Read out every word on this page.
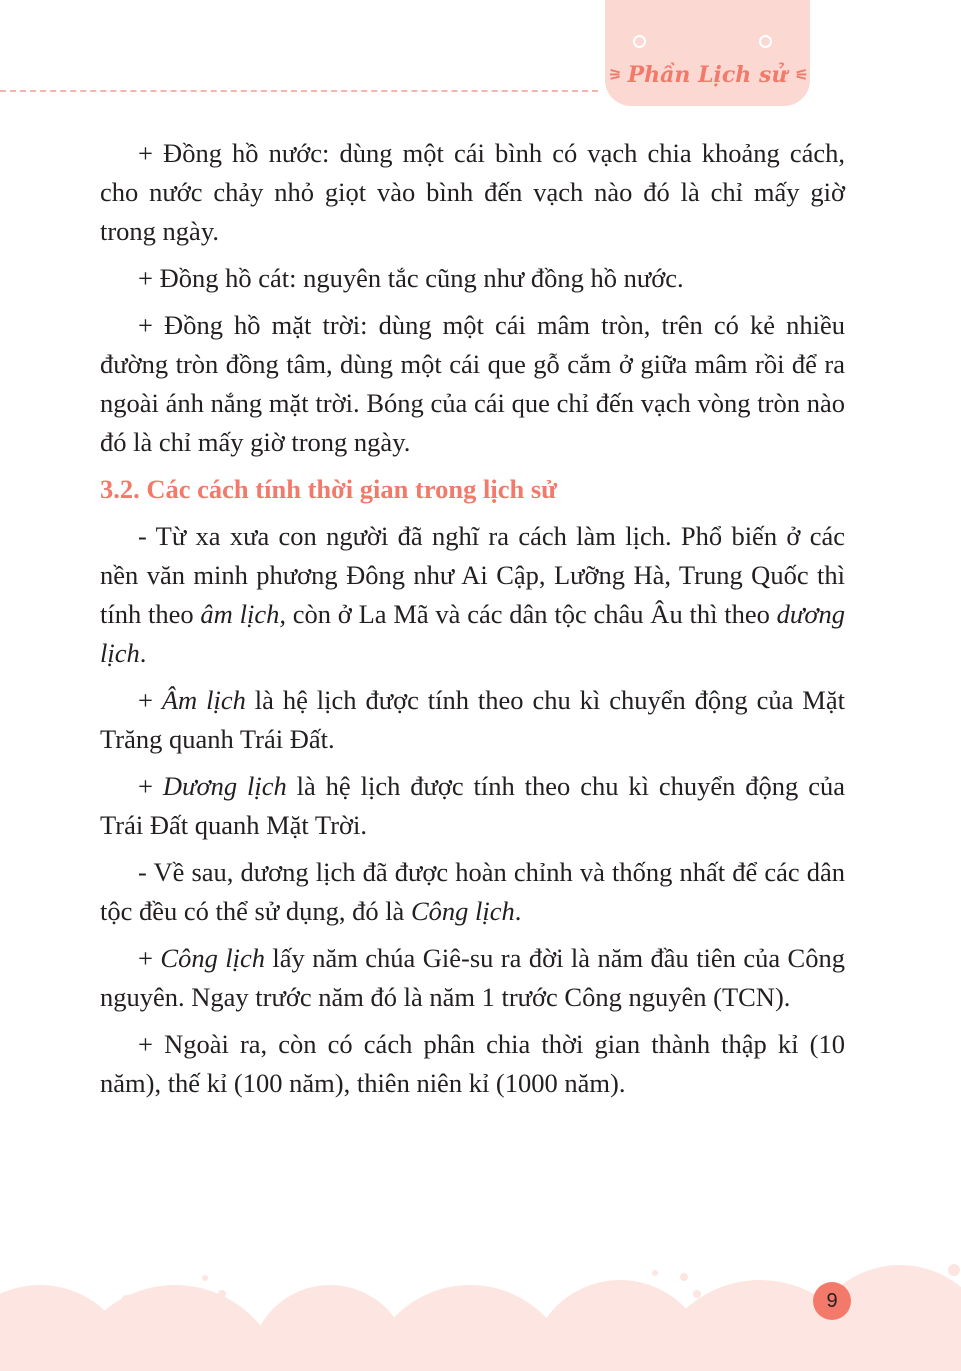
⚞ Phần Lịch sử ⚟

+ Đồng hồ nước: dùng một cái bình có vạch chia khoảng cách, cho nước chảy nhỏ giọt vào bình đến vạch nào đó là chỉ mấy giờ trong ngày.

+ Đồng hồ cát: nguyên tắc cũng như đồng hồ nước.

+ Đồng hồ mặt trời: dùng một cái mâm tròn, trên có kẻ nhiều đường tròn đồng tâm, dùng một cái que gỗ cắm ở giữa mâm rồi để ra ngoài ánh nắng mặt trời. Bóng của cái que chỉ đến vạch vòng tròn nào đó là chỉ mấy giờ trong ngày.

3.2. Các cách tính thời gian trong lịch sử

- Từ xa xưa con người đã nghĩ ra cách làm lịch. Phổ biến ở các nền văn minh phương Đông như Ai Cập, Lưỡng Hà, Trung Quốc thì tính theo âm lịch, còn ở La Mã và các dân tộc châu Âu thì theo dương lịch.

+ Âm lịch là hệ lịch được tính theo chu kì chuyển động của Mặt Trăng quanh Trái Đất.

+ Dương lịch là hệ lịch được tính theo chu kì chuyển động của Trái Đất quanh Mặt Trời.

- Về sau, dương lịch đã được hoàn chỉnh và thống nhất để các dân tộc đều có thể sử dụng, đó là Công lịch.

+ Công lịch lấy năm chúa Giê-su ra đời là năm đầu tiên của Công nguyên. Ngay trước năm đó là năm 1 trước Công nguyên (TCN).

+ Ngoài ra, còn có cách phân chia thời gian thành thập kỉ (10 năm), thế kỉ (100 năm), thiên niên kỉ (1000 năm).

9
